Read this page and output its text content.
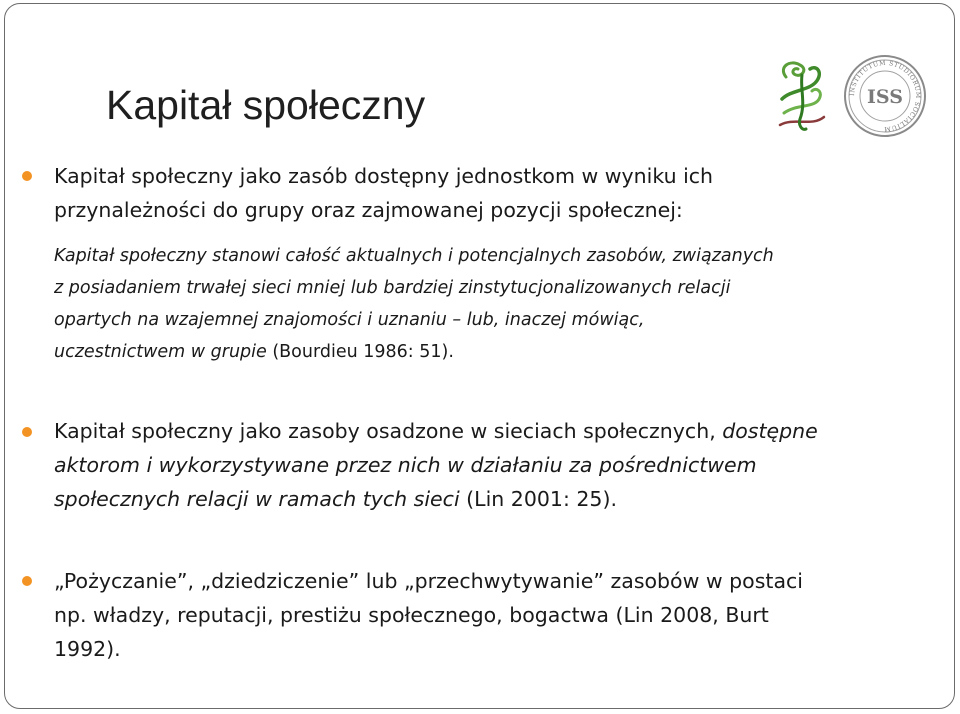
Kapitał społeczny	INSTITUTUM STUDIORUM SOCIALIUM
ISS
Kapitał społeczny jako zasób dostępny jednostkom w wyniku ich
przynależności do grupy oraz zajmowanej pozycji społecznej:
Kapitał społeczny stanowi całość aktualnych i potencjalnych zasobów, związanych
z posiadaniem trwałej sieci mniej lub bardziej zinstytucjonalizowanych relacji
opartych na wzajemnej znajomości i uznaniu – lub, inaczej mówiąc,
uczestnictwem w grupie (Bourdieu 1986: 51).
Kapitał społeczny jako zasoby osadzone w sieciach społecznych, dostępne
aktorom i wykorzystywane przez nich w działaniu za pośrednictwem
społecznych relacji w ramach tych sieci (Lin 2001: 25).
„Pożyczanie”, „dziedziczenie” lub „przechwytywanie” zasobów w postaci
np. władzy, reputacji, prestiżu społecznego, bogactwa (Lin 2008, Burt
1992).
